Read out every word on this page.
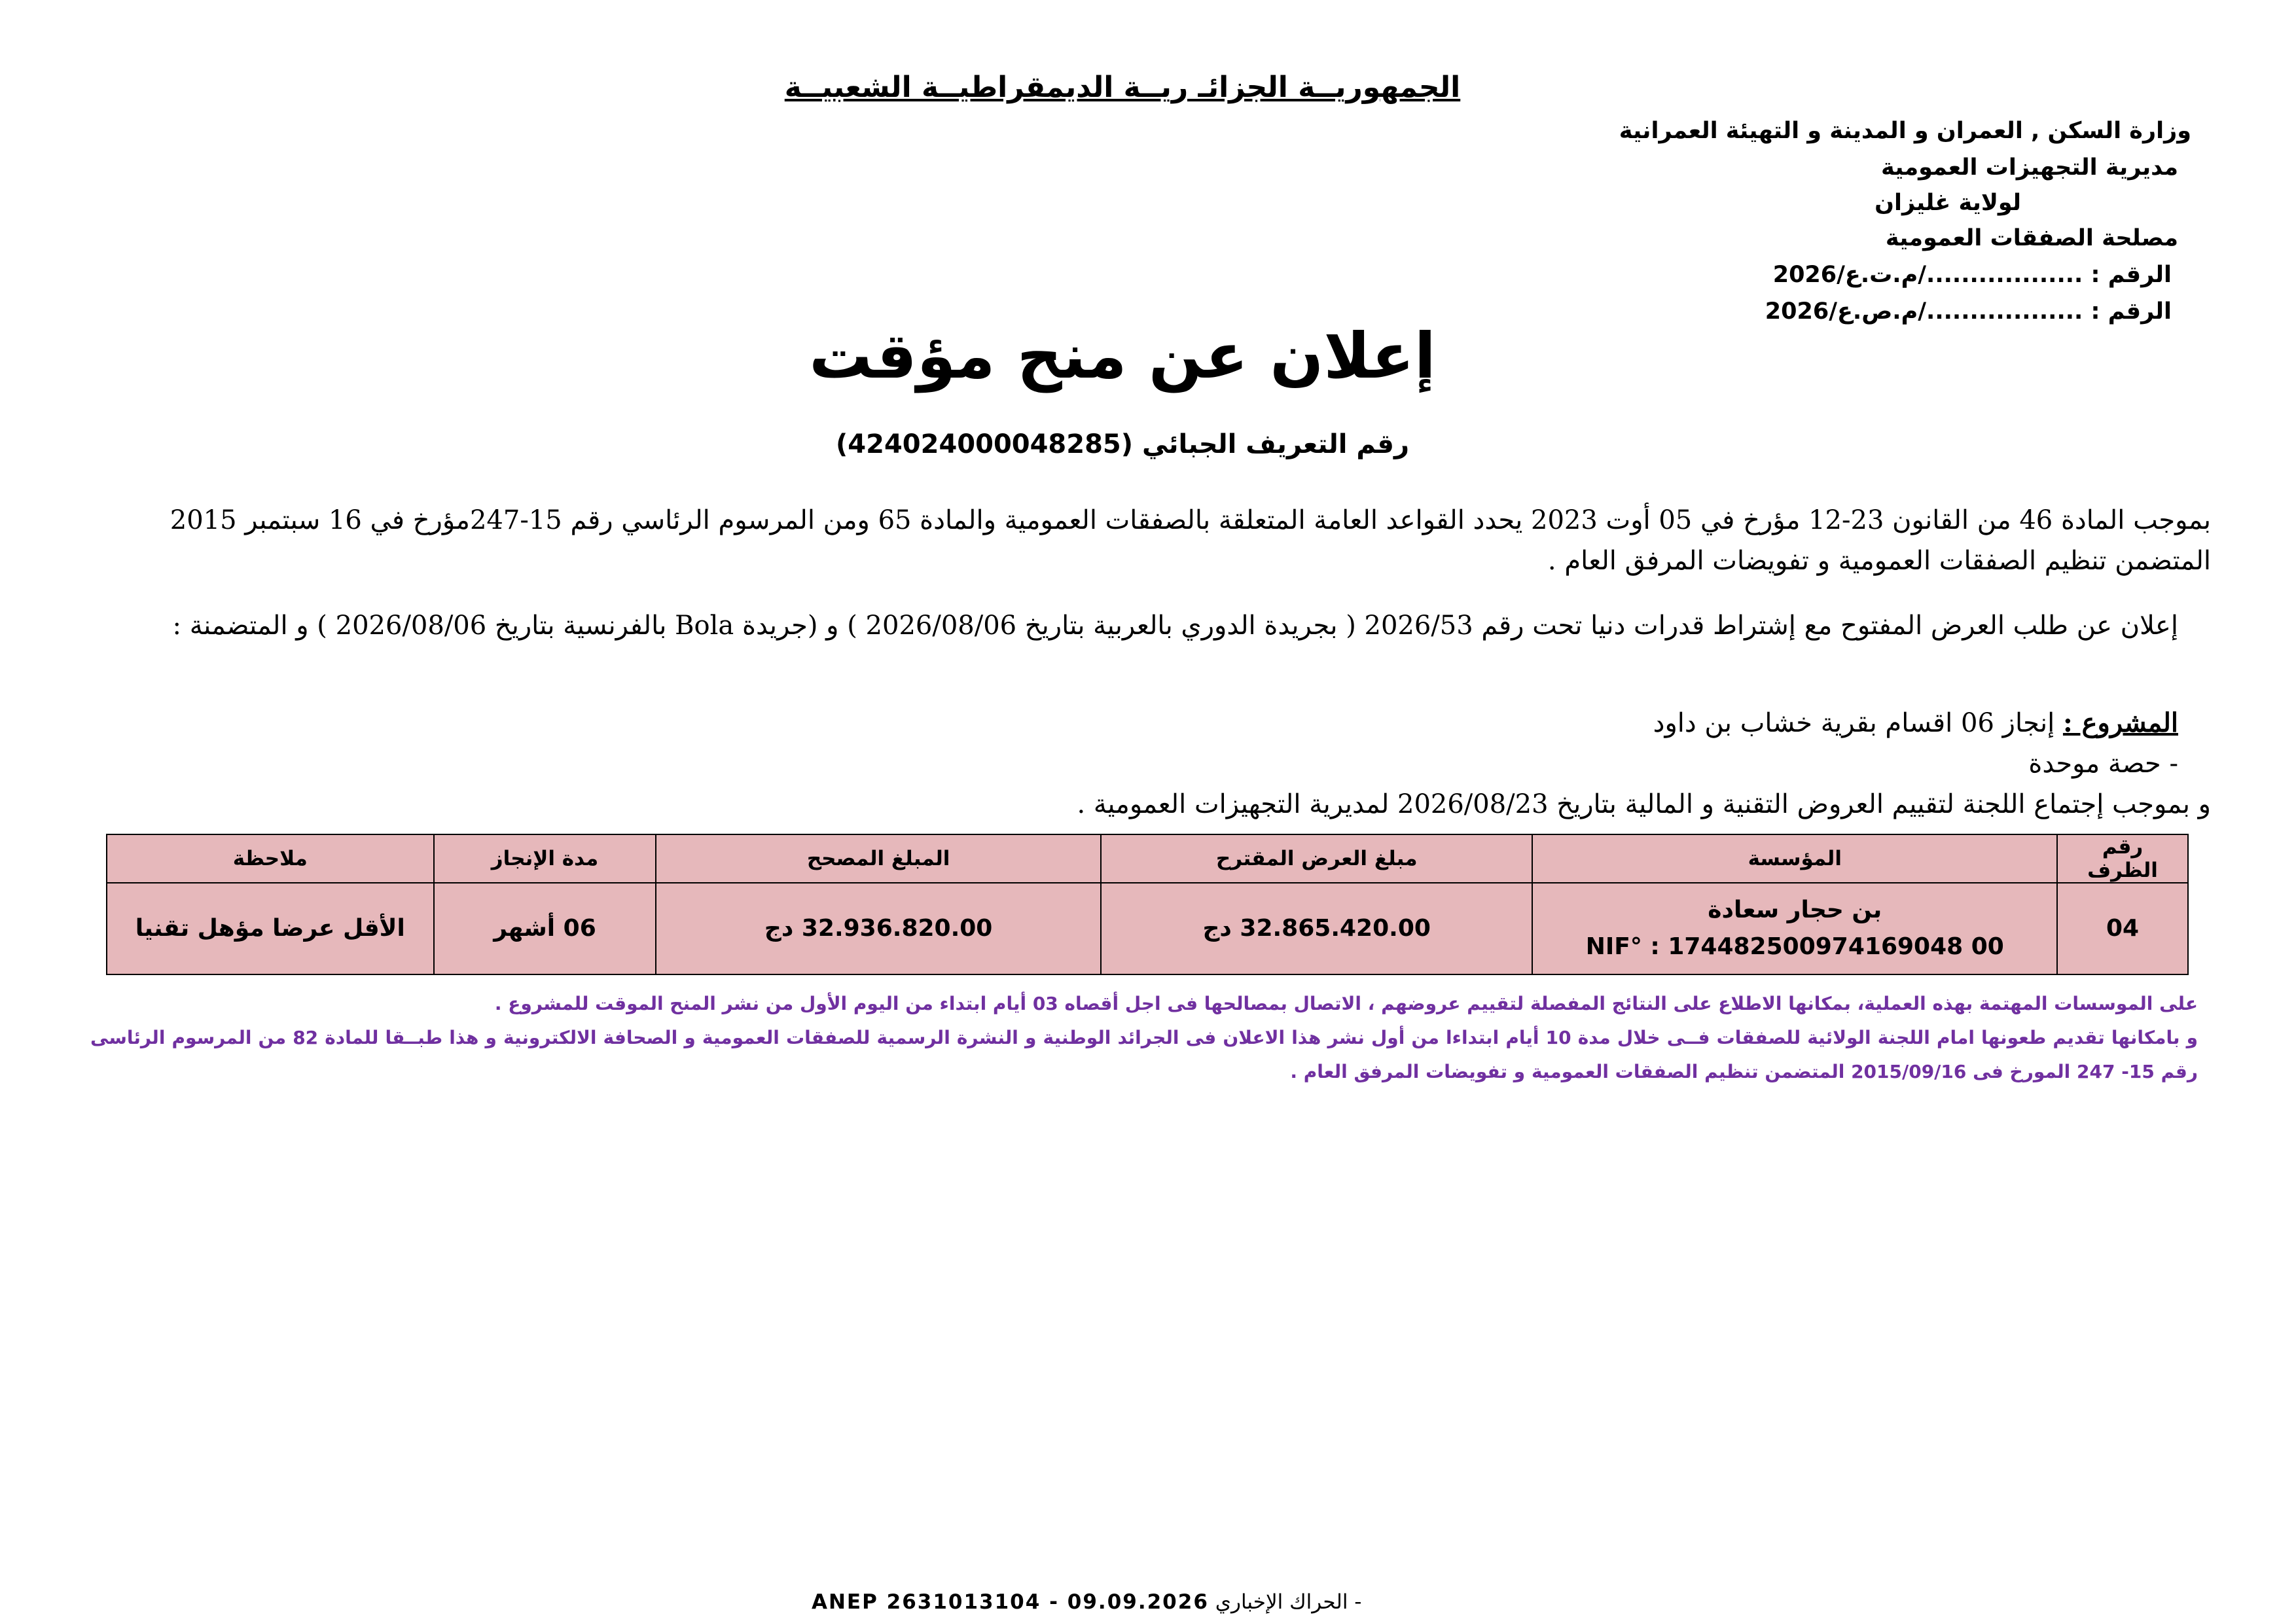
الجمهوريــة الجزائـ ريــة الديمقراطيــة الشعبيــة
وزارة السكن , العمران و المدينة و التهيئة العمرانية
مديرية التجهيزات العمومية
لولاية غليزان
مصلحة الصفقات العمومية
الرقم : ................../م.ت.ع/2026
الرقم : ................../م.ص.ع/2026
إعلان عن منح مؤقت
رقم التعريف الجبائي (424024000048285)
بموجب المادة 46 من القانون 23-12 مؤرخ في 05 أوت 2023 يحدد القواعد العامة المتعلقة بالصفقات العمومية والمادة 65 ومن المرسوم الرئاسي رقم 15-247مؤرخ في 16 سبتمبر 2015 المتضمن تنظيم الصفقات العمومية و تفويضات المرفق العام .
إعلان عن طلب العرض المفتوح مع إشتراط قدرات دنيا تحت رقم 2026/53 ( بجريدة الدوري بالعربية بتاريخ 2026/08/06 ) و (جريدة Bola بالفرنسية بتاريخ 2026/08/06 ) و المتضمنة :
المشروع : إنجاز 06 اقسام بقرية خشاب بن داود
- حصة موحدة
و بموجب إجتماع اللجنة لتقييم العروض التقنية و المالية بتاريخ 2026/08/23 لمديرية التجهيزات العمومية .
رقم الظرف	المؤسسة	مبلغ العرض المقترح	المبلغ المصحح	مدة الإنجاز	ملاحظة
04	بن حجار سعادة
NIF° : 174482500974169048 00	32.865.420.00 دج	32.936.820.00 دج	06 أشهر	الأقل عرضا مؤهل تقنيا
على الموسسات المهتمة بهذه العملية، بمكانها الاطلاع على النتائج المفصلة لتقييم عروضهم ، الاتصال بمصالحها فى اجل أقصاه 03 أيام ابتداء من اليوم الأول من نشر المنح الموقت للمشروع .
و بامكانها تقديم طعونها امام اللجنة الولائية للصفقات فــى خلال مدة 10 أيام ابتداءا من أول نشر هذا الاعلان فى الجرائد الوطنية و النشرة الرسمية للصفقات العمومية و الصحافة الالكترونية و هذا طبــقا للمادة 82 من المرسوم الرئاسى رقم 15- 247 المورخ فى 2015/09/16 المتضمن تنظيم الصفقات العمومية و تفويضات المرفق العام .
ANEP 2631013104 - 09.09.2026 - الحراك الإخباري
